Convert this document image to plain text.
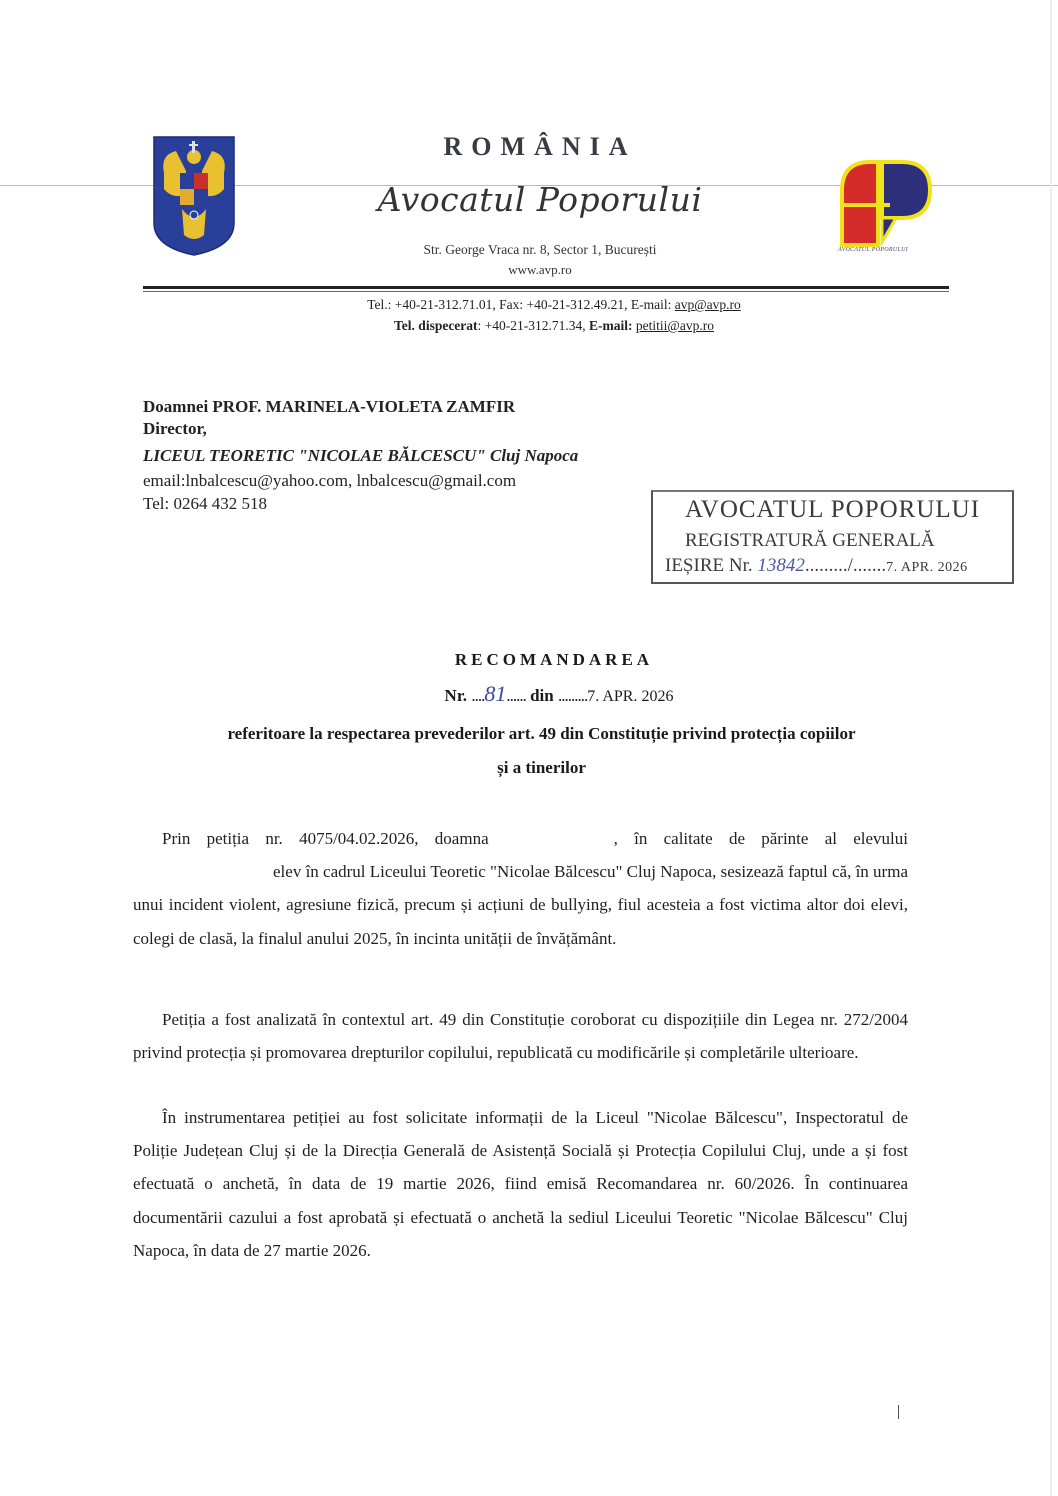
AVOCATUL POPORULUI
ROMÂNIA
Avocatul Poporului
Str. George Vraca nr. 8, Sector 1, București
www.avp.ro
Tel.: +40-21-312.71.01, Fax: +40-21-312.49.21, E-mail: avp@avp.ro
Tel. dispecerat: +40-21-312.71.34, E-mail: petitii@avp.ro
Doamnei PROF. MARINELA-VIOLETA ZAMFIR
Director,
LICEUL TEORETIC "NICOLAE BĂLCESCU" Cluj Napoca
email:lnbalcescu@yahoo.com, lnbalcescu@gmail.com
Tel: 0264 432 518	AVOCATUL POPORULUI
REGISTRATURĂ GENERALĂ
IEȘIRE Nr. 13842........./.......7. APR. 2026
RECOMANDAREA
Nr. ....81...... din .........7. APR. 2026
referitoare la respectarea prevederilor art. 49 din Constituție privind protecția copiilor
și a tinerilor
Prin petiția nr. 4075/04.02.2026, doamna	, în calitate de părinte al elevuluielev în cadrul Liceului Teoretic "Nicolae Bălcescu" Cluj Napoca, sesizează faptul că, în urma unui incident violent, agresiune fizică, precum și acțiuni de bullying, fiul acesteia a fost victima altor doi elevi, colegi de clasă, la finalul anului 2025, în incinta unității de învățământ.
Petiția a fost analizată în contextul art. 49 din Constituție coroborat cu dispozițiile din Legea nr. 272/2004 privind protecția și promovarea drepturilor copilului, republicată cu modificările și completările ulterioare.
În instrumentarea petiției au fost solicitate informații de la Liceul "Nicolae Bălcescu", Inspectoratul de Poliție Județean Cluj și de la Direcția Generală de Asistență Socială și Protecția Copilului Cluj, unde a și fost efectuată o anchetă, în data de 19 martie 2026, fiind emisă Recomandarea nr. 60/2026. În continuarea documentării cazului a fost aprobată și efectuată o anchetă la sediul Liceului Teoretic "Nicolae Bălcescu" Cluj Napoca, în data de 27 martie 2026.
